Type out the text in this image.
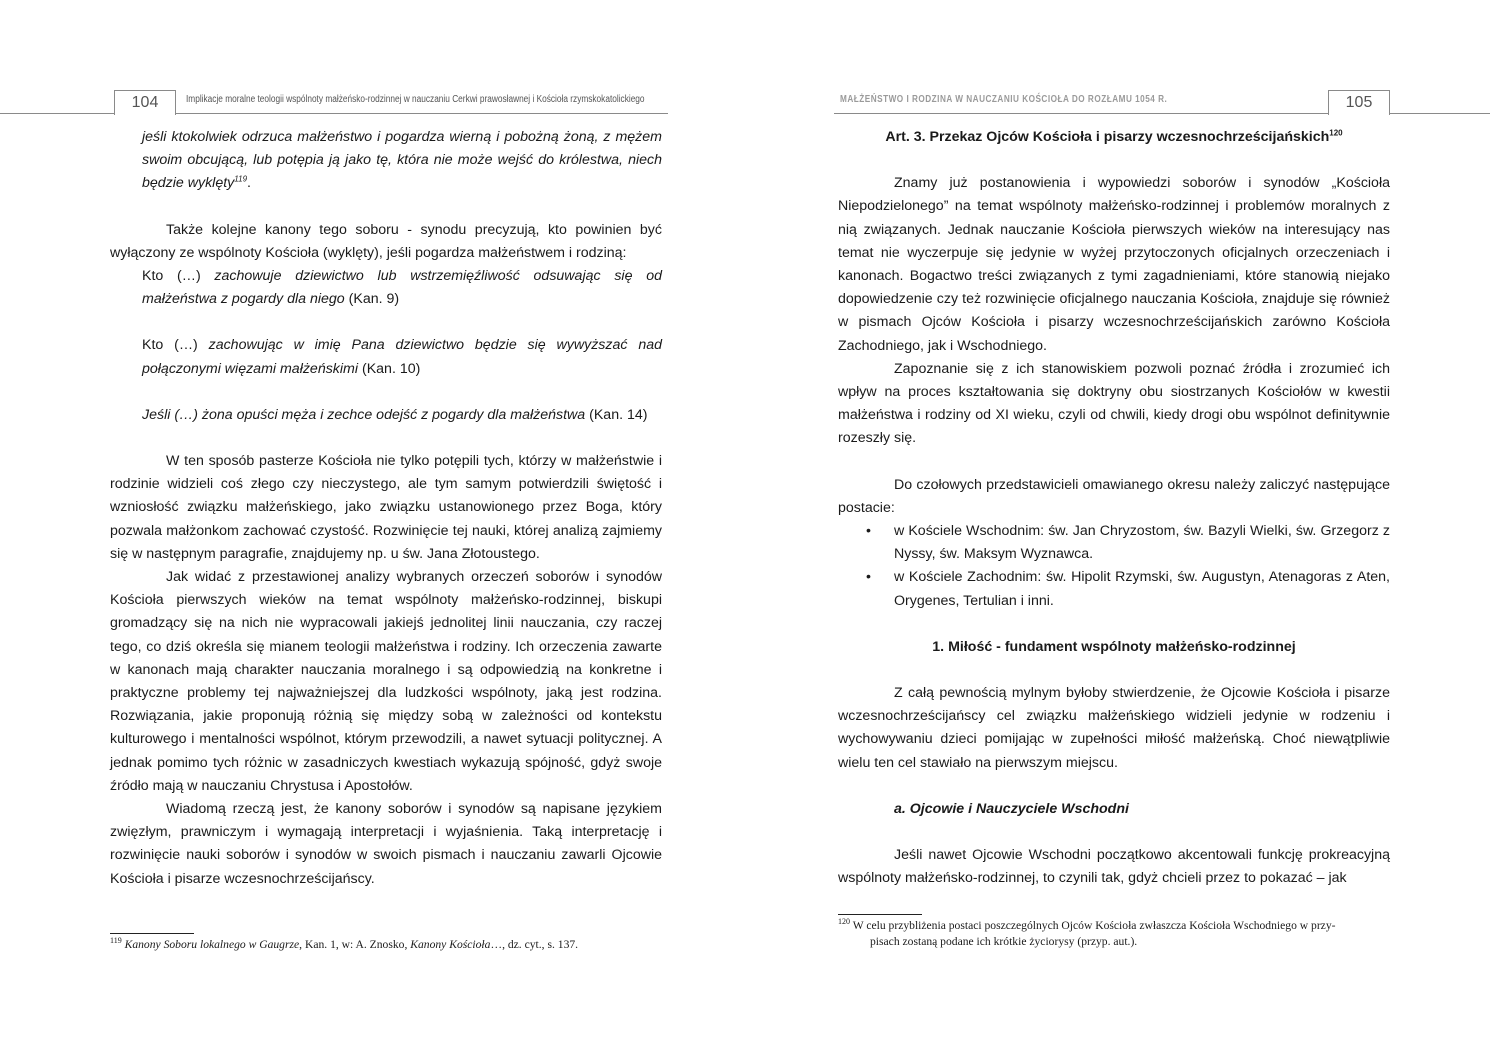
104	Implikacje moralne teologii wspólnoty małżeńsko-rodzinnej w nauczaniu Cerkwi prawosławnej i Kościoła rzymskokatolickiego

jeśli ktokolwiek odrzuca małżeństwo i pogardza wierną i pobożną żoną, z mężem swoim obcującą, lub potępia ją jako tę, która nie może wejść do królestwa, niech będzie wyklęty$^{119}$.

Także kolejne kanony tego soboru - synodu precyzują, kto powinien być wyłączony ze wspólnoty Kościoła (wyklęty), jeśli pogardza małżeństwem i rodziną:

Kto (…) zachowuje dziewictwo lub wstrzemięźliwość odsuwając się od małżeństwa z pogardy dla niego (Kan. 9)

Kto (…) zachowując w imię Pana dziewictwo będzie się wywyższać nad połączonymi więzami małżeńskimi (Kan. 10)

Jeśli (…) żona opuści męża i zechce odejść z pogardy dla małżeństwa (Kan. 14)

W ten sposób pasterze Kościoła nie tylko potępili tych, którzy w małżeństwie i rodzinie widzieli coś złego czy nieczystego, ale tym samym potwierdzili świętość i wzniosłość związku małżeńskiego, jako związku ustanowionego przez Boga, który pozwala małżonkom zachować czystość. Rozwinięcie tej nauki, której analizą zajmiemy się w następnym paragrafie, znajdujemy np. u św. Jana Złotoustego.

Jak widać z przestawionej analizy wybranych orzeczeń soborów i synodów Kościoła pierwszych wieków na temat wspólnoty małżeńsko-rodzinnej, biskupi gromadzący się na nich nie wypracowali jakiejś jednolitej linii nauczania, czy raczej tego, co dziś określa się mianem teologii małżeństwa i rodziny. Ich orzeczenia zawarte w kanonach mają charakter nauczania moralnego i są odpowiedzią na konkretne i praktyczne problemy tej najważniejszej dla ludzkości wspólnoty, jaką jest rodzina. Rozwiązania, jakie proponują różnią się między sobą w zależności od kontekstu kulturowego i mentalności wspólnot, którym przewodzili, a nawet sytuacji politycznej. A jednak pomimo tych różnic w zasadniczych kwestiach wykazują spójność, gdyż swoje źródło mają w nauczaniu Chrystusa i Apostołów.

Wiadomą rzeczą jest, że kanony soborów i synodów są napisane językiem zwięzłym, prawniczym i wymagają interpretacji i wyjaśnienia. Taką interpretację i rozwinięcie nauki soborów i synodów w swoich pismach i nauczaniu zawarli Ojcowie Kościoła i pisarze wczesnochrześcijańscy.

$^{119}$ Kanony Soboru lokalnego w Gaugrze, Kan. 1, w: A. Znosko, Kanony Kościoła…, dz. cyt., s. 137.
105
MAŁŻEŃSTWO I RODZINA W NAUCZANIU KOŚCIOŁA DO ROZŁAMU 1054 R.

Art. 3. Przekaz Ojców Kościoła i pisarzy wczesnochrześcijańskich$^{120}$

Znamy już postanowienia i wypowiedzi soborów i synodów „Kościoła Niepodzielonego” na temat wspólnoty małżeńsko-rodzinnej i problemów moralnych z nią związanych. Jednak nauczanie Kościoła pierwszych wieków na interesujący nas temat nie wyczerpuje się jedynie w wyżej przytoczonych oficjalnych orzeczeniach i kanonach. Bogactwo treści związanych z tymi zagadnieniami, które stanowią niejako dopowiedzenie czy też rozwinięcie oficjalnego nauczania Kościoła, znajduje się również w pismach Ojców Kościoła i pisarzy wczesnochrześcijańskich zarówno Kościoła Zachodniego, jak i Wschodniego.

Zapoznanie się z ich stanowiskiem pozwoli poznać źródła i zrozumieć ich wpływ na proces kształtowania się doktryny obu siostrzanych Kościołów w kwestii małżeństwa i rodziny od XI wieku, czyli od chwili, kiedy drogi obu wspólnot definitywnie rozeszły się.

Do czołowych przedstawicieli omawianego okresu należy zaliczyć następujące postacie:

• w Kościele Wschodnim: św. Jan Chryzostom, św. Bazyli Wielki, św. Grzegorz z Nyssy, św. Maksym Wyznawca.
• w Kościele Zachodnim: św. Hipolit Rzymski, św. Augustyn, Atenagoras z Aten, Orygenes, Tertulian i inni.

1. Miłość - fundament wspólnoty małżeńsko-rodzinnej

Z całą pewnością mylnym byłoby stwierdzenie, że Ojcowie Kościoła i pisarze wczesnochrześcijańscy cel związku małżeńskiego widzieli jedynie w rodzeniu i wychowywaniu dzieci pomijając w zupełności miłość małżeńską. Choć niewątpliwie wielu ten cel stawiało na pierwszym miejscu.

a. Ojcowie i Nauczyciele Wschodni

Jeśli nawet Ojcowie Wschodni początkowo akcentowali funkcję prokreacyjną wspólnoty małżeńsko-rodzinnej, to czynili tak, gdyż chcieli przez to pokazać – jak

$^{120}$ W celu przybliżenia postaci poszczególnych Ojców Kościoła zwłaszcza Kościoła Wschodniego w przy-
pisach zostaną podane ich krótkie życiorysy (przyp. aut.).
